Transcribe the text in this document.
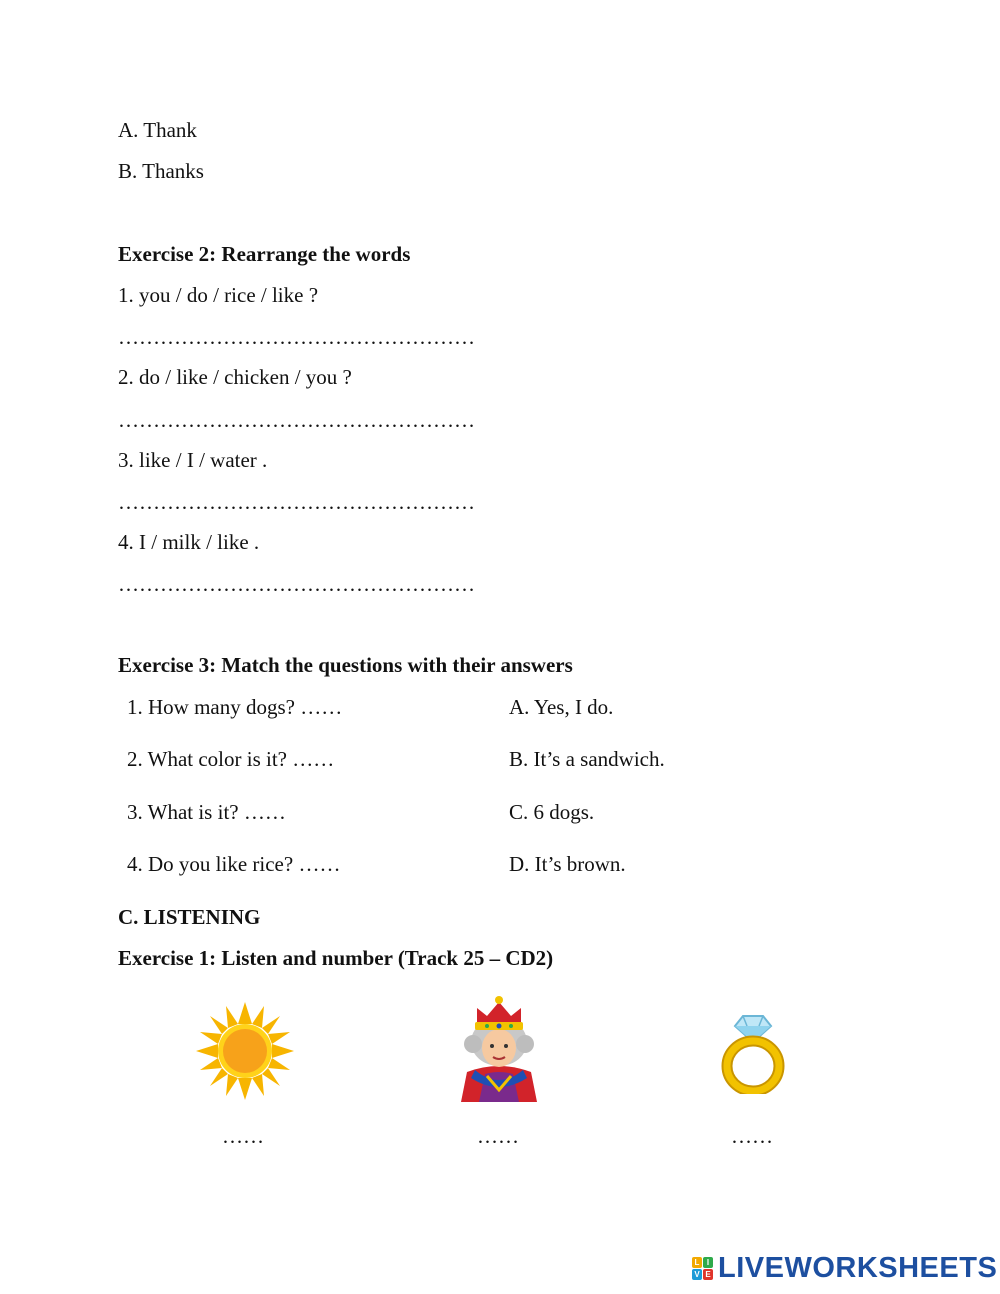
A. Thank
B. Thanks
Exercise 2: Rearrange the words
1. you / do / rice / like ?
……………………………………………
2. do / like / chicken / you ?
……………………………………………
3. like / I / water .
……………………………………………
4. I / milk / like .
……………………………………………
Exercise 3: Match the questions with their answers
1. How many dogs? ……
2. What color is it? ……
3. What is it? ……
4. Do you like rice? ……
A. Yes, I do.
B. It’s a sandwich.
C. 6 dogs.
D. It’s brown.
C. LISTENING
Exercise 1: Listen and number (Track 25 – CD2)
……	……	……
L I
V E LIVEWORKSHEETS
